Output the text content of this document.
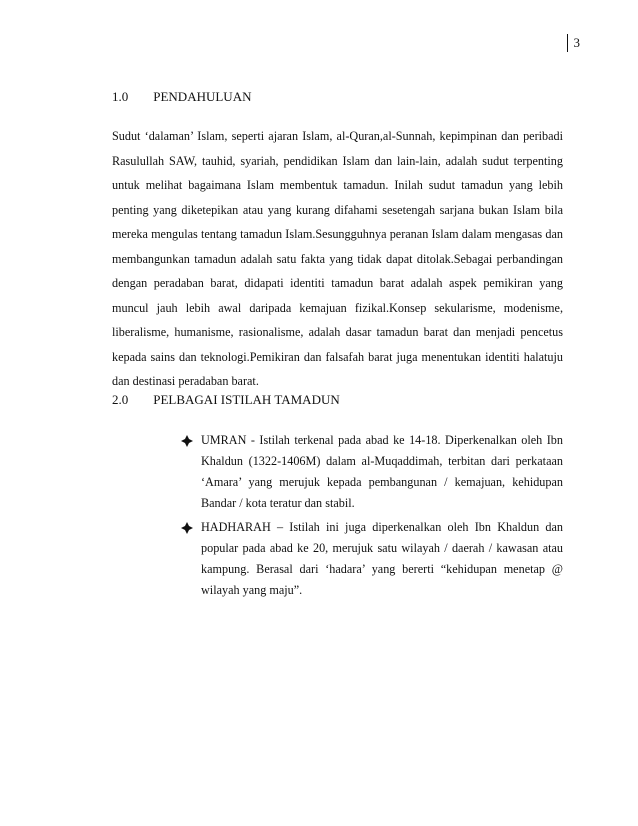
3
1.0 PENDAHULUAN

Sudut ‘dalaman’ Islam, seperti ajaran Islam, al-Quran,al-Sunnah, kepimpinan dan peribadi Rasulullah SAW, tauhid, syariah, pendidikan Islam dan lain-lain, adalah sudut terpenting untuk melihat bagaimana Islam membentuk tamadun. Inilah sudut tamadun yang lebih penting yang diketepikan atau yang kurang difahami sesetengah sarjana bukan Islam bila mereka mengulas tentang tamadun Islam.Sesungguhnya peranan Islam dalam mengasas dan membangunkan tamadun adalah satu fakta yang tidak dapat ditolak.Sebagai perbandingan dengan peradaban barat, didapati identiti tamadun barat adalah aspek pemikiran yang muncul jauh lebih awal daripada kemajuan fizikal.Konsep sekularisme, modenisme, liberalisme, humanisme, rasionalisme, adalah dasar tamadun barat dan menjadi pencetus kepada sains dan teknologi.Pemikiran dan falsafah barat juga menentukan identiti halatuju dan destinasi peradaban barat.

2.0 PELBAGAI ISTILAH TAMADUN
UMRAN - Istilah terkenal pada abad ke 14-18. Diperkenalkan oleh Ibn Khaldun (1322-1406M) dalam al-Muqaddimah, terbitan dari perkataan ‘Amara’ yang merujuk kepada pembangunan / kemajuan, kehidupan Bandar / kota teratur dan stabil.
HADHARAH – Istilah ini juga diperkenalkan oleh Ibn Khaldun dan popular pada abad ke 20, merujuk satu wilayah / daerah / kawasan atau kampung. Berasal dari ‘hadara’ yang bererti “kehidupan menetap @ wilayah yang maju”.
